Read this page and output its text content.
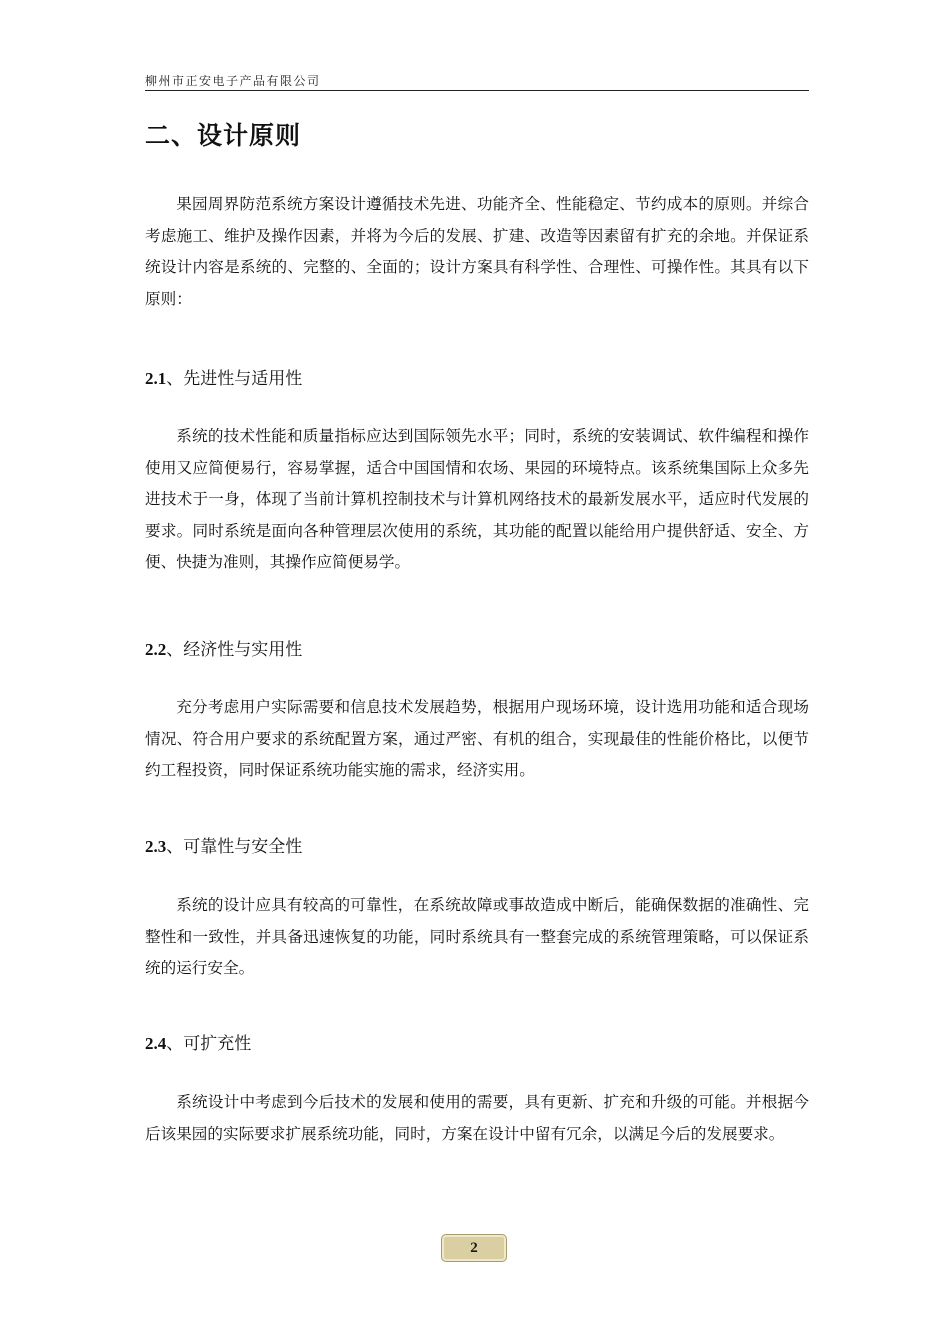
柳州市正安电子产品有限公司
二、设计原则

果园周界防范系统方案设计遵循技术先进、功能齐全、性能稳定、节约成本的原则。并综合考虑施工、维护及操作因素，并将为今后的发展、扩建、改造等因素留有扩充的余地。并保证系统设计内容是系统的、完整的、全面的；设计方案具有科学性、合理性、可操作性。其具有以下原则：

2.1、先进性与适用性

系统的技术性能和质量指标应达到国际领先水平；同时，系统的安装调试、软件编程和操作使用又应简便易行，容易掌握，适合中国国情和农场、果园的环境特点。该系统集国际上众多先进技术于一身，体现了当前计算机控制技术与计算机网络技术的最新发展水平，适应时代发展的要求。同时系统是面向各种管理层次使用的系统，其功能的配置以能给用户提供舒适、安全、方便、快捷为准则，其操作应简便易学。

2.2、经济性与实用性

充分考虑用户实际需要和信息技术发展趋势，根据用户现场环境，设计选用功能和适合现场情况、符合用户要求的系统配置方案，通过严密、有机的组合，实现最佳的性能价格比，以便节约工程投资，同时保证系统功能实施的需求，经济实用。

2.3、可靠性与安全性

系统的设计应具有较高的可靠性，在系统故障或事故造成中断后，能确保数据的准确性、完整性和一致性，并具备迅速恢复的功能，同时系统具有一整套完成的系统管理策略，可以保证系统的运行安全。

2.4、可扩充性

系统设计中考虑到今后技术的发展和使用的需要，具有更新、扩充和升级的可能。并根据今后该果园的实际要求扩展系统功能，同时，方案在设计中留有冗余，以满足今后的发展要求。

2
